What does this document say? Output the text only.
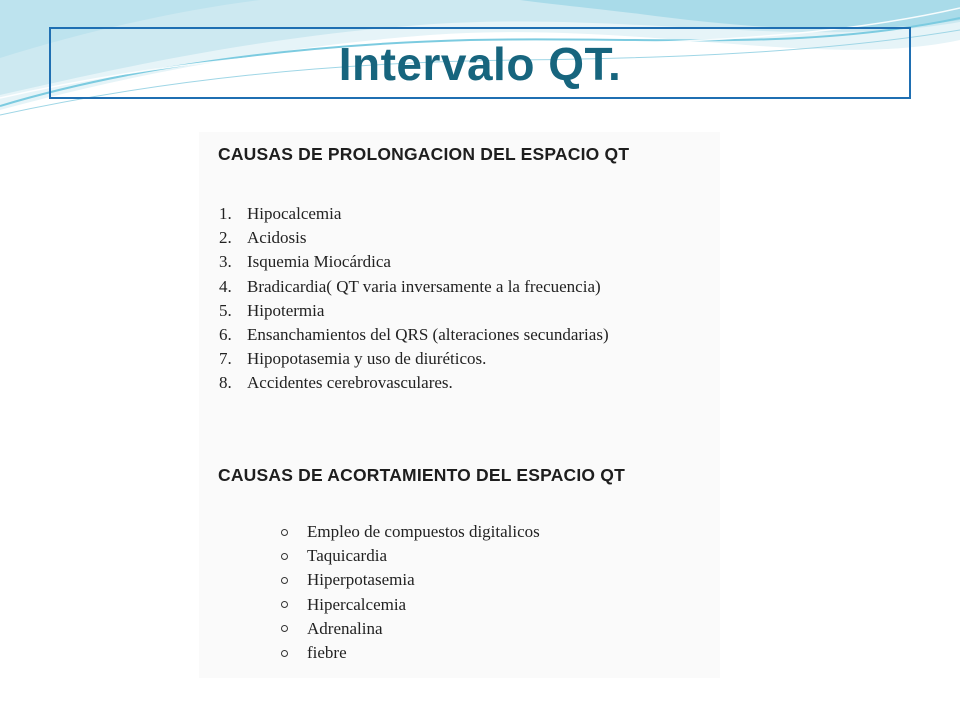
Intervalo QT.
CAUSAS DE PROLONGACION DEL ESPACIO QT
1. Hipocalcemia
2. Acidosis
3. Isquemia Miocárdica
4. Bradicardia( QT varia inversamente a la frecuencia)
5. Hipotermia
6. Ensanchamientos del QRS (alteraciones secundarias)
7. Hipopotasemia y uso de diuréticos.
8. Accidentes cerebrovasculares.
CAUSAS DE ACORTAMIENTO DEL ESPACIO QT
Empleo de compuestos digitalicos
Taquicardia
Hiperpotasemia
Hipercalcemia
Adrenalina
fiebre
